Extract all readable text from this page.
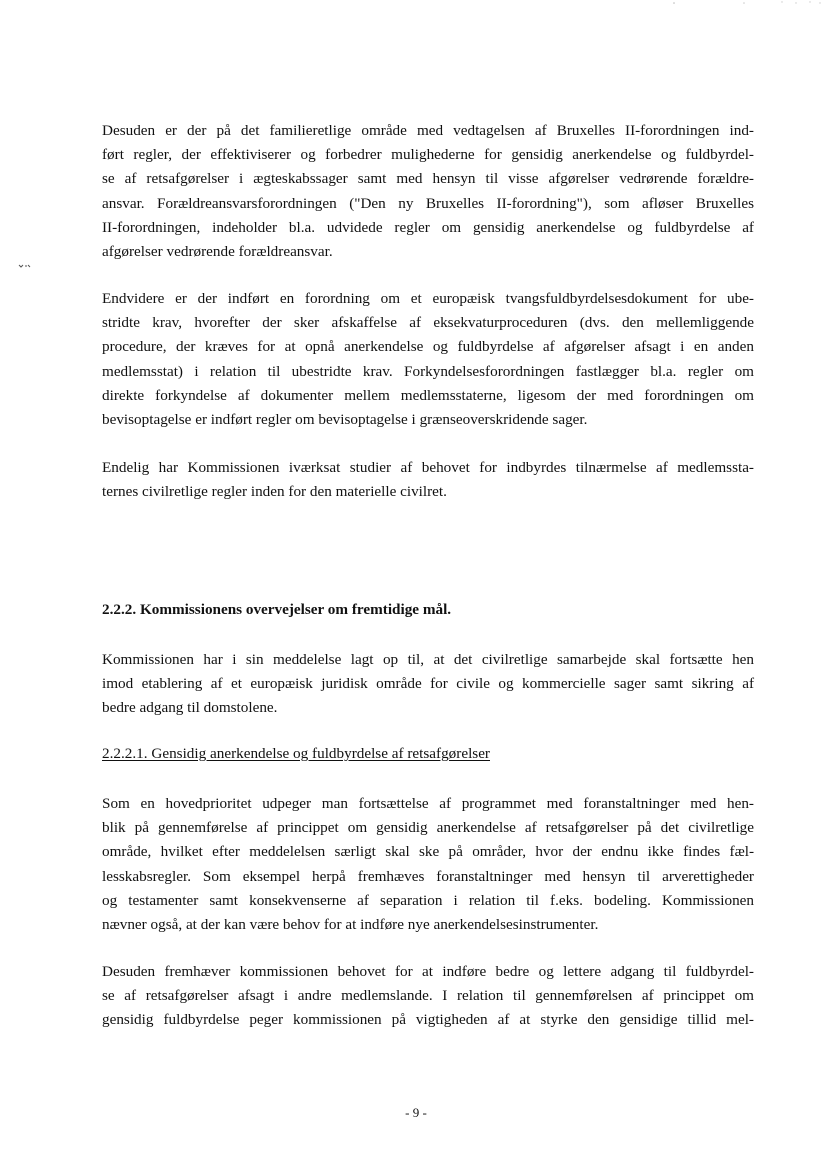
Desuden er der på det familieretlige område med vedtagelsen af Bruxelles II-forordningen ind-
ført regler, der effektiviserer og forbedrer mulighederne for gensidig anerkendelse og fuldbyrdel-
se af retsafgørelser i ægteskabssager samt med hensyn til visse afgørelser vedrørende forældre-
ansvar. Forældreansvarsforordningen ("Den ny Bruxelles II-forordning"), som afløser Bruxelles
II-forordningen, indeholder bl.a. udvidede regler om gensidig anerkendelse og fuldbyrdelse af
afgørelser vedrørende forældreansvar.
Endvidere er der indført en forordning om et europæisk tvangsfuldbyrdelsesdokument for ube-
stridte krav, hvorefter der sker afskaffelse af eksekvaturproceduren (dvs. den mellemliggende
procedure, der kræves for at opnå anerkendelse og fuldbyrdelse af afgørelser afsagt i en anden
medlemsstat) i relation til ubestridte krav. Forkyndelsesforordningen fastlægger bl.a. regler om
direkte forkyndelse af dokumenter mellem medlemsstaterne, ligesom der med forordningen om
bevisoptagelse er indført regler om bevisoptagelse i grænseoverskridende sager.
Endelig har Kommissionen iværksat studier af behovet for indbyrdes tilnærmelse af medlemssta-
ternes civilretlige regler inden for den materielle civilret.
2.2.2. Kommissionens overvejelser om fremtidige mål.
Kommissionen har i sin meddelelse lagt op til, at det civilretlige samarbejde skal fortsætte hen
imod etablering af et europæisk juridisk område for civile og kommercielle sager samt sikring af
bedre adgang til domstolene.
2.2.2.1. Gensidig anerkendelse og fuldbyrdelse af retsafgørelser
Som en hovedprioritet udpeger man fortsættelse af programmet med foranstaltninger med hen-
blik på gennemførelse af princippet om gensidig anerkendelse af retsafgørelser på det civilretlige
område, hvilket efter meddelelsen særligt skal ske på områder, hvor der endnu ikke findes fæl-
lesskabsregler. Som eksempel herpå fremhæves foranstaltninger med hensyn til arverettigheder
og testamenter samt konsekvenserne af separation i relation til f.eks. bodeling. Kommissionen
nævner også, at der kan være behov for at indføre nye anerkendelsesinstrumenter.
Desuden fremhæver kommissionen behovet for at indføre bedre og lettere adgang til fuldbyrdel-
se af retsafgørelser afsagt i andre medlemslande. I relation til gennemførelsen af princippet om
gensidig fuldbyrdelse peger kommissionen på vigtigheden af at styrke den gensidige tillid mel-
- 9 -
